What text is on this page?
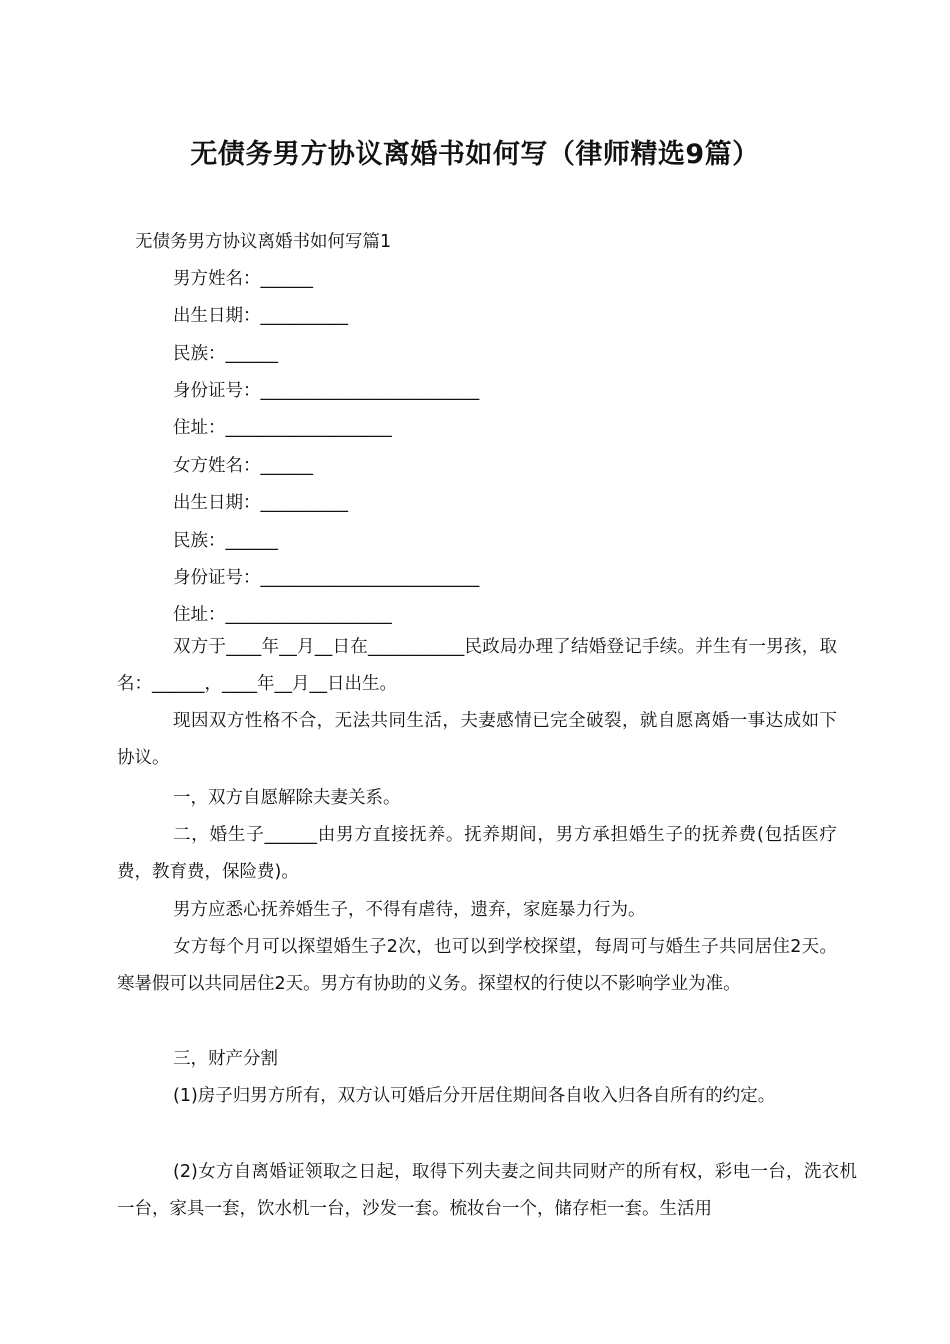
无债务男方协议离婚书如何写（律师精选9篇）
无债务男方协议离婚书如何写篇1
男方姓名：______
出生日期：__________
民族：______
身份证号：_________________________
住址：___________________
女方姓名：______
出生日期：__________
民族：______
身份证号：_________________________
住址：___________________

双方于____年__月__日在___________民政局办理了结婚登记手续。并生有一男孩，取名：______，____年__月__日出生。

现因双方性格不合，无法共同生活，夫妻感情已完全破裂，就自愿离婚一事达成如下协议。

一，双方自愿解除夫妻关系。

二，婚生子______由男方直接抚养。抚养期间，男方承担婚生子的抚养费(包括医疗费，教育费，保险费)。

男方应悉心抚养婚生子，不得有虐待，遗弃，家庭暴力行为。

女方每个月可以探望婚生子2次，也可以到学校探望，每周可与婚生子共同居住2天。寒暑假可以共同居住2天。男方有协助的义务。探望权的行使以不影响学业为准。

三，财产分割

(1)房子归男方所有，双方认可婚后分开居住期间各自收入归各自所有的约定。

(2)女方自离婚证领取之日起，取得下列夫妻之间共同财产的所有权，彩电一台，洗衣机一台，家具一套，饮水机一台，沙发一套。梳妆台一个，储存柜一套。生活用
